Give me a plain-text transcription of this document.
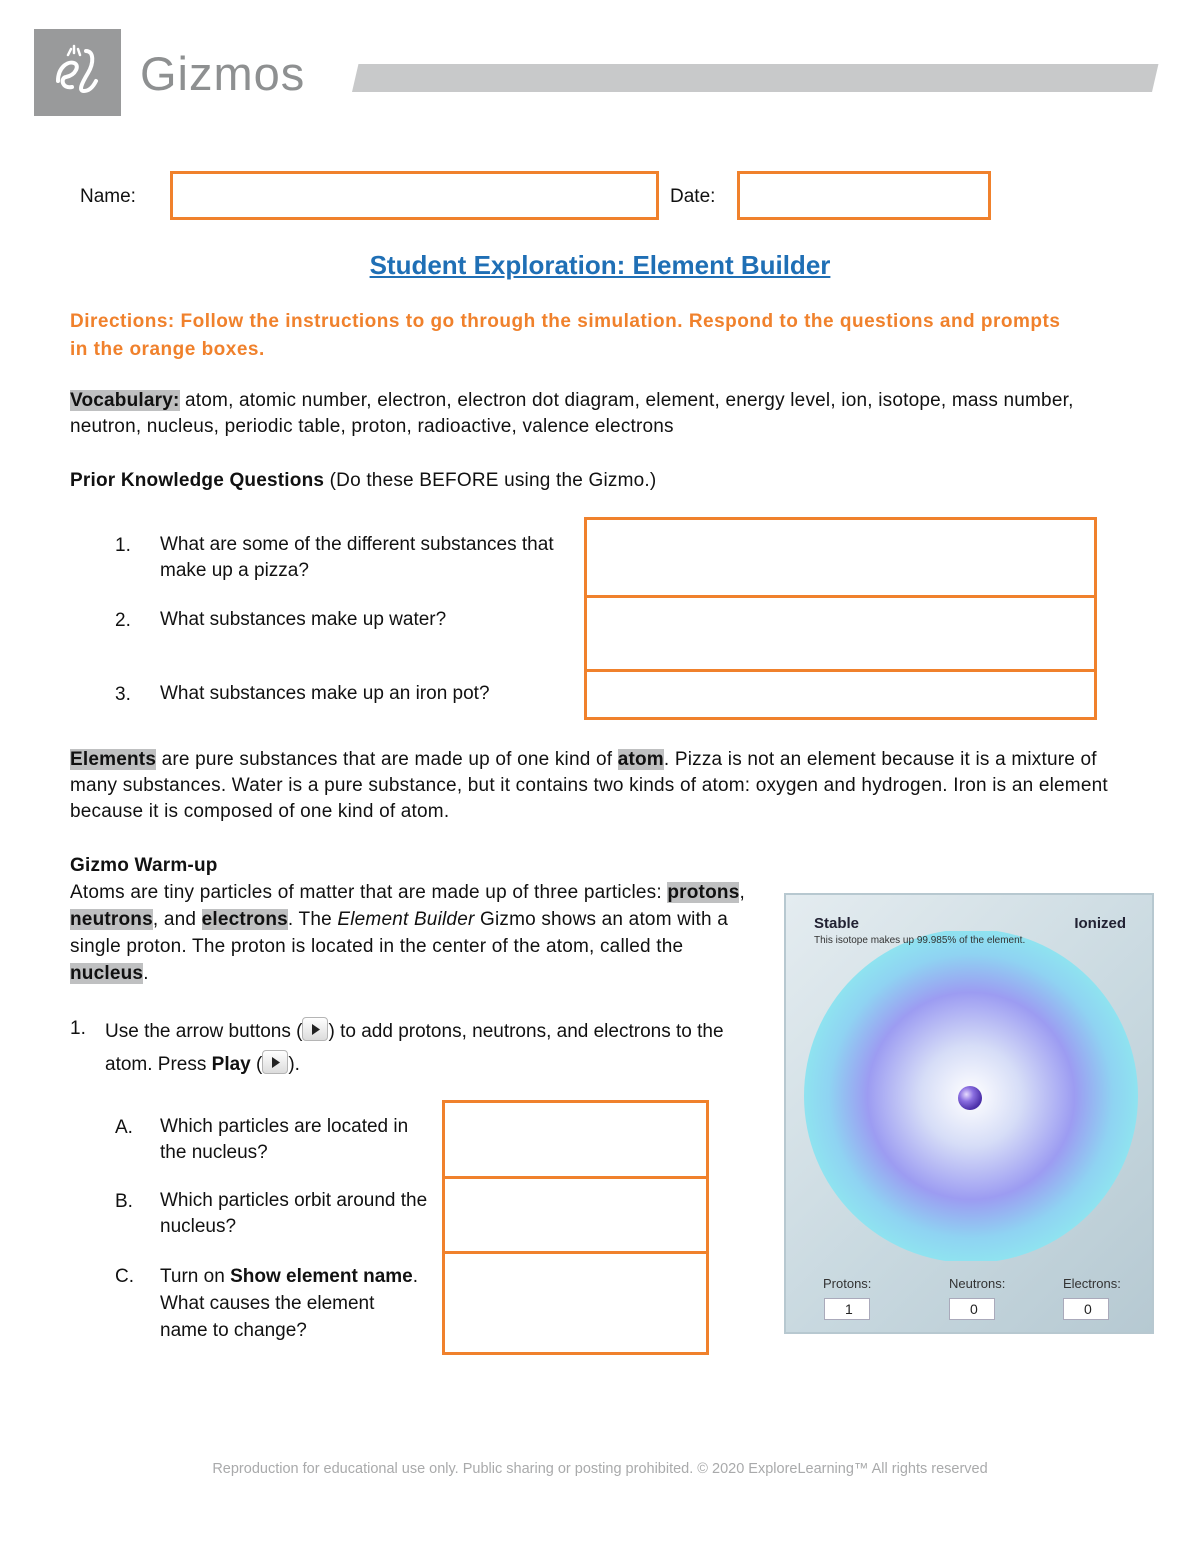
Gizmos
Name:	Date:
Student Exploration: Element Builder
Directions: Follow the instructions to go through the simulation. Respond to the questions and prompts in the orange boxes.
Vocabulary: atom, atomic number, electron, electron dot diagram, element, energy level, ion, isotope, mass number, neutron, nucleus, periodic table, proton, radioactive, valence electrons
Prior Knowledge Questions (Do these BEFORE using the Gizmo.)
1. What are some of the different substances that make up a pizza?
2. What substances make up water?
3. What substances make up an iron pot?
Elements are pure substances that are made up of one kind of atom. Pizza is not an element because it is a mixture of many substances. Water is a pure substance, but it contains two kinds of atom: oxygen and hydrogen. Iron is an element because it is composed of one kind of atom.
Gizmo Warm-up
Atoms are tiny particles of matter that are made up of three particles: protons, neutrons, and electrons. The Element Builder Gizmo shows an atom with a single proton. The proton is located in the center of the atom, called the nucleus.
1. Use the arrow buttons ( ) to add protons, neutrons, and electrons to the atom. Press Play ( ).
A. Which particles are located in the nucleus?
B. Which particles orbit around the nucleus?
C. Turn on Show element name. What causes the element name to change?
Stable	Ionized
This isotope makes up 99.985% of the element.
Protons:
1
Neutrons:
0
Electrons:
0
Reproduction for educational use only. Public sharing or posting prohibited. © 2020 ExploreLearning™ All rights reserved
